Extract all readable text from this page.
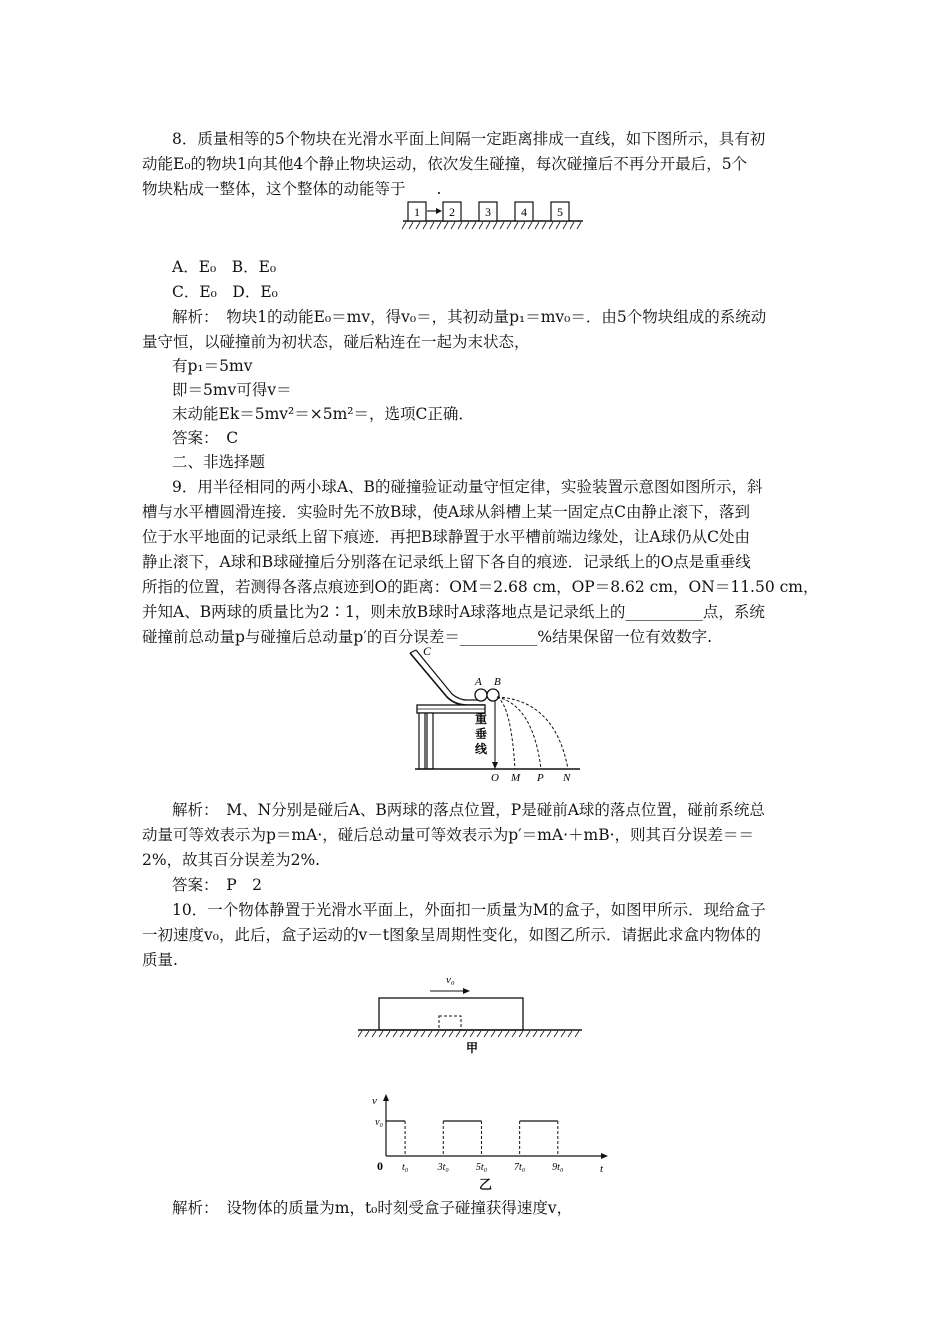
8．质量相等的5个物块在光滑水平面上间隔一定距离排成一直线，如下图所示，具有初
动能E₀的物块1向其他4个静止物块运动，依次发生碰撞，每次碰撞后不再分开最后，5个
物块粘成一整体，这个整体的动能等于　　.
1 2	3	4	5
A．E₀　B．E₀
C．E₀　D．E₀
解析：　物块1的动能E₀＝mv，得v₀＝，其初动量p₁＝mv₀＝．由5个物块组成的系统动
量守恒，以碰撞前为初状态，碰后粘连在一起为末状态，
有p₁＝5mv
即＝5mv可得v＝
末动能Ek＝5mv²＝×5m²＝，选项C正确．
答案：　C
二、非选择题
9．用半径相同的两小球A、B的碰撞验证动量守恒定律，实验装置示意图如图所示，斜
槽与水平槽圆滑连接．实验时先不放B球，使A球从斜槽上某一固定点C由静止滚下，落到
位于水平地面的记录纸上留下痕迹．再把B球静置于水平槽前端边缘处，让A球仍从C处由
静止滚下，A球和B球碰撞后分别落在记录纸上留下各自的痕迹．记录纸上的O点是重垂线
所指的位置，若测得各落点痕迹到O的距离：OM＝2.68 cm，OP＝8.62 cm，ON＝11.50 cm，
并知A、B两球的质量比为2∶1，则未放B球时A球落地点是记录纸上的__________点，系统
碰撞前总动量p与碰撞后总动量p′的百分误差＝__________%结果保留一位有效数字.
C
A B
重
垂
线
O M P N
解析：　M、N分别是碰后A、B两球的落点位置，P是碰前A球的落点位置，碰前系统总
动量可等效表示为p＝mA·，碰后总动量可等效表示为p′＝mA·＋mB·，则其百分误差＝＝
2%，故其百分误差为2%.
答案：　P　2
10．一个物体静置于光滑水平面上，外面扣一质量为M的盒子，如图甲所示．现给盒子
一初速度v₀，此后，盒子运动的v－t图象呈周期性变化，如图乙所示．请据此求盒内物体的
质量.
v₀
甲
v
t
v₀
0 t₀	3t₀	5t₀	7t₀	9t₀
乙
解析：　设物体的质量为m，t₀时刻受盒子碰撞获得速度v，
